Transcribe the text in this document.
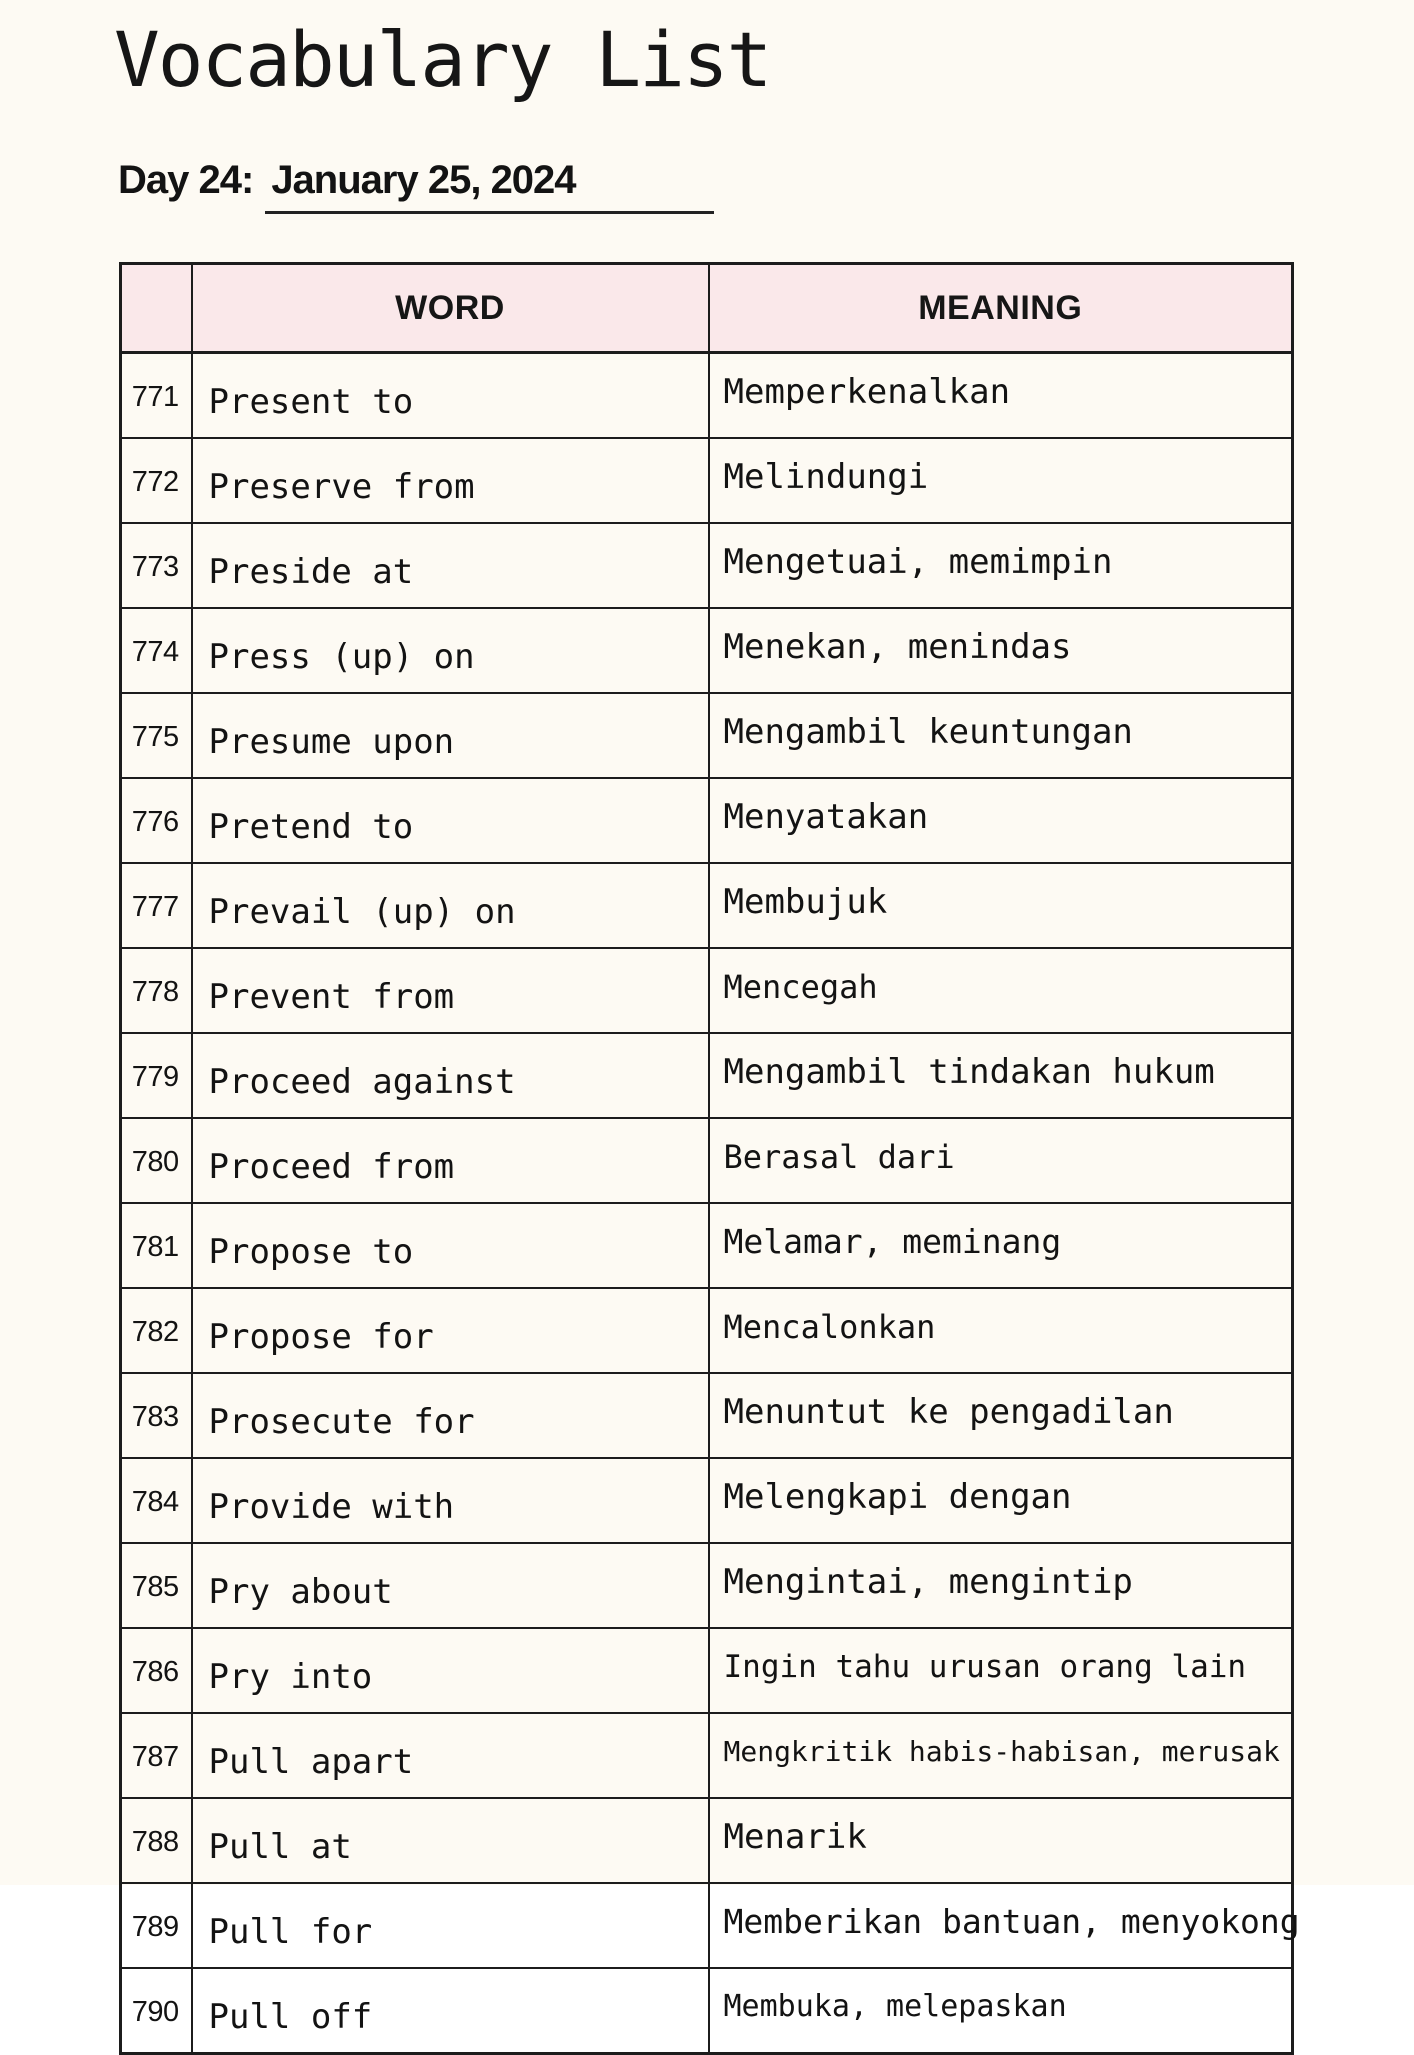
Vocabulary List
Day 24: January 25, 2024
	WORD	MEANING
771	Present to	Memperkenalkan
772	Preserve from	Melindungi
773	Preside at	Mengetuai, memimpin
774	Press (up) on	Menekan, menindas
775	Presume upon	Mengambil keuntungan
776	Pretend to	Menyatakan
777	Prevail (up) on	Membujuk
778	Prevent from	Mencegah
779	Proceed against	Mengambil tindakan hukum
780	Proceed from	Berasal dari
781	Propose to	Melamar, meminang
782	Propose for	Mencalonkan
783	Prosecute for	Menuntut ke pengadilan
784	Provide with	Melengkapi dengan
785	Pry about	Mengintai, mengintip
786	Pry into	Ingin tahu urusan orang lain
787	Pull apart	Mengkritik habis-habisan, merusak
788	Pull at	Menarik
789	Pull for	Memberikan bantuan, menyokong
790	Pull off	Membuka, melepaskan
